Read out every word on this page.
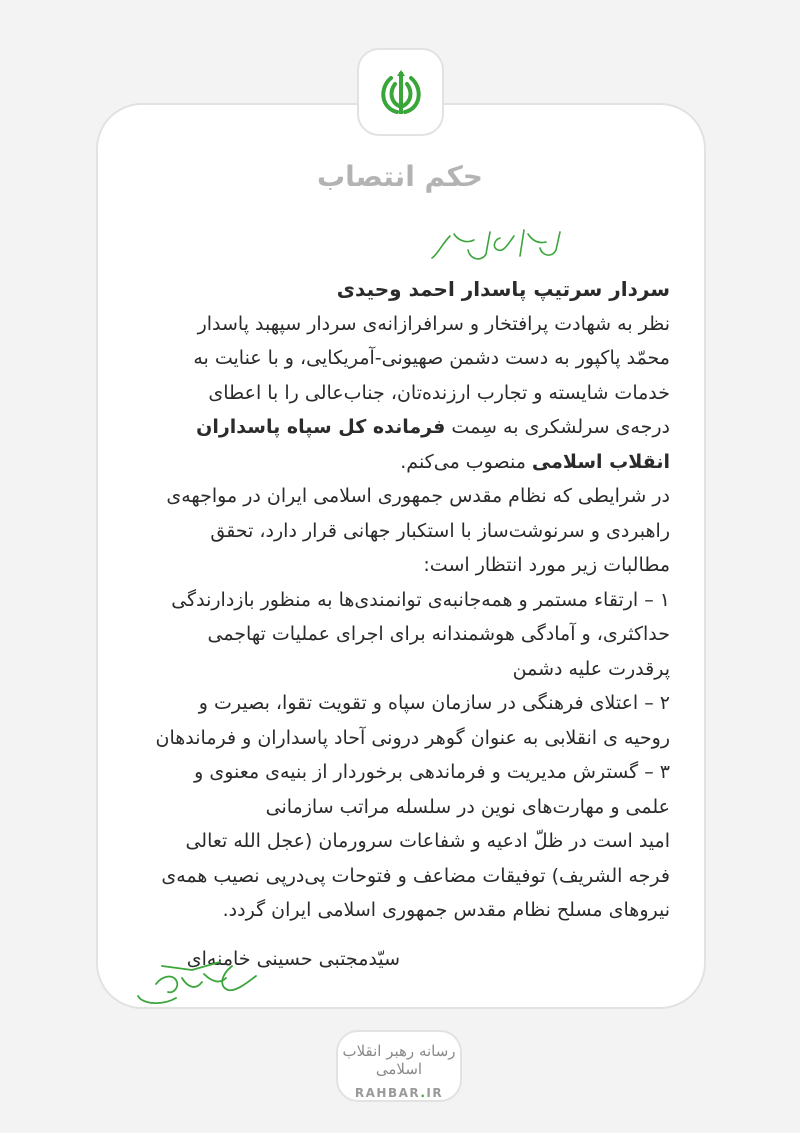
حکم انتصاب

سردار سرتیپ پاسدار احمد وحیدی

نظر به شهادت پرافتخار و سرافرازانه‌ی سردار سپهبد پاسدار محمّد پاکپور به دست دشمن صهیونی-آمریکایی، و با عنایت به خدمات شایسته و تجارب ارزنده‌تان، جناب‌عالی را با اعطای درجه‌ی سرلشکری به سِمت فرمانده کل سپاه پاسداران انقلاب اسلامی منصوب می‌کنم.

در شرایطی که نظام مقدس جمهوری اسلامی ایران در مواجهه‌ی راهبردی و سرنوشت‌ساز با استکبار جهانی قرار دارد، تحقق مطالبات زیر مورد انتظار است:

۱ – ارتقاء مستمر و همه‌جانبه‌ی توانمندی‌ها به منظور بازدارندگی حداکثری، و آمادگی هوشمندانه برای اجرای عملیات تهاجمی پرقدرت علیه دشمن

۲ – اعتلای فرهنگی در سازمان سپاه و تقویت تقوا، بصیرت و روحیه ی انقلابی به عنوان گوهر درونی آحاد پاسداران و فرماندهان

۳ – گسترش مدیریت و فرماندهی برخوردار از بنیه‌ی معنوی و علمی و مهارت‌های نوین در سلسله مراتب سازمانی

امید است در ظلّ ادعیه و شفاعات سرورمان (عجل الله تعالی فرجه الشریف) توفیقات مضاعف و فتوحات پی‌درپی نصیب همه‌ی نیروهای مسلح نظام مقدس جمهوری اسلامی ایران گردد.

سیّدمجتبی حسینی خامنه‌ای
رسانه رهبر انقلاب اسلامی
RAHBAR.IR
